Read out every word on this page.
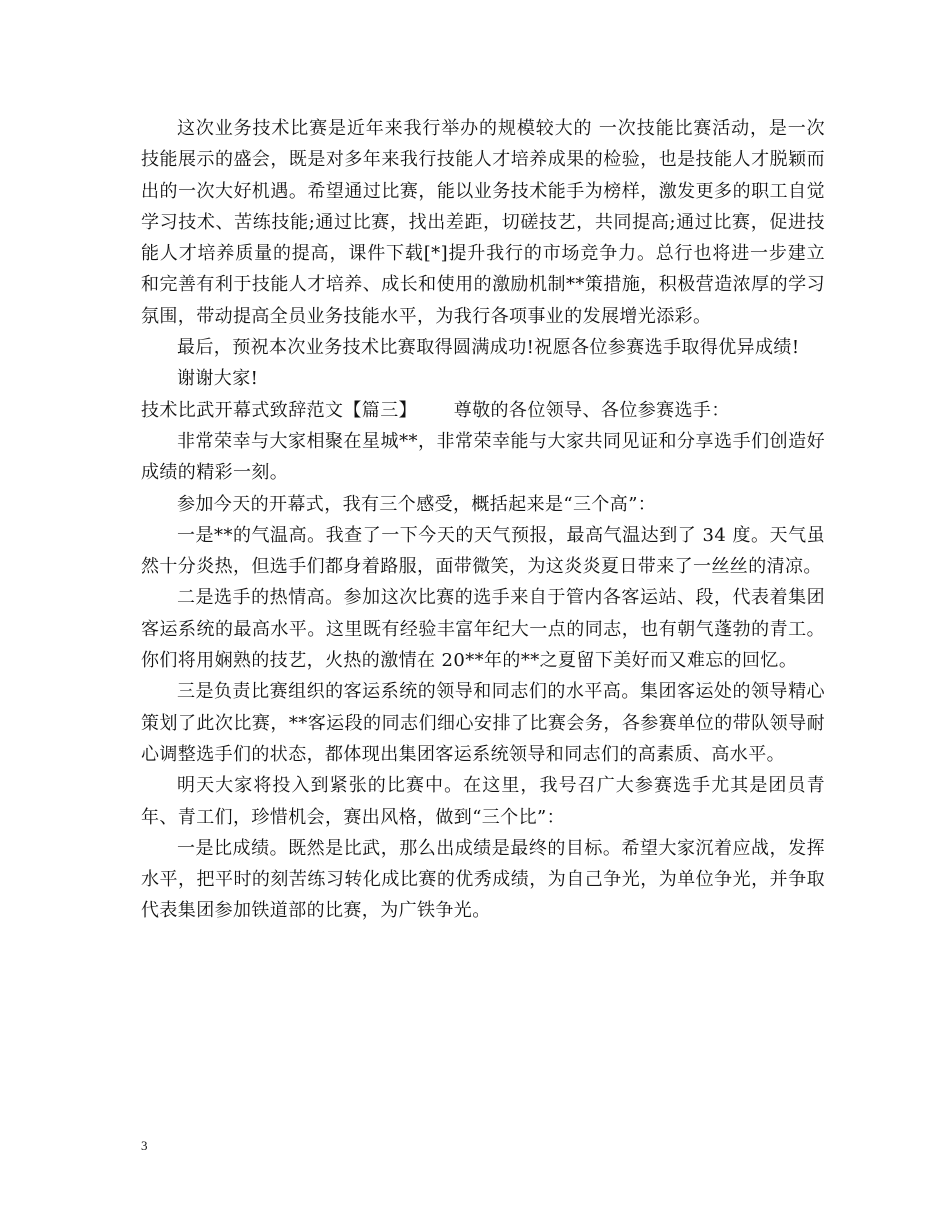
这次业务技术比赛是近年来我行举办的规模较大的 一次技能比赛活动，是一次技能展示的盛会，既是对多年来我行技能人才培养成果的检验，也是技能人才脱颖而出的一次大好机遇。希望通过比赛，能以业务技术能手为榜样，激发更多的职工自觉学习技术、苦练技能;通过比赛，找出差距，切磋技艺，共同提高;通过比赛，促进技能人才培养质量的提高，课件下载[*]提升我行的市场竞争力。总行也将进一步建立和完善有利于技能人才培养、成长和使用的激励机制**策措施，积极营造浓厚的学习氛围，带动提高全员业务技能水平，为我行各项事业的发展增光添彩。

最后，预祝本次业务技术比赛取得圆满成功!祝愿各位参赛选手取得优异成绩!

谢谢大家!

技术比武开幕式致辞范文【篇三】      尊敬的各位领导、各位参赛选手：

非常荣幸与大家相聚在星城**，非常荣幸能与大家共同见证和分享选手们创造好成绩的精彩一刻。

参加今天的开幕式，我有三个感受，概括起来是“三个高”：

一是**的气温高。我查了一下今天的天气预报，最高气温达到了 34 度。天气虽然十分炎热，但选手们都身着路服，面带微笑，为这炎炎夏日带来了一丝丝的清凉。

二是选手的热情高。参加这次比赛的选手来自于管内各客运站、段，代表着集团客运系统的最高水平。这里既有经验丰富年纪大一点的同志，也有朝气蓬勃的青工。你们将用娴熟的技艺，火热的激情在 20**年的**之夏留下美好而又难忘的回忆。

三是负责比赛组织的客运系统的领导和同志们的水平高。集团客运处的领导精心策划了此次比赛，**客运段的同志们细心安排了比赛会务，各参赛单位的带队领导耐心调整选手们的状态，都体现出集团客运系统领导和同志们的高素质、高水平。

明天大家将投入到紧张的比赛中。在这里，我号召广大参赛选手尤其是团员青年、青工们，珍惜机会，赛出风格，做到“三个比”：

一是比成绩。既然是比武，那么出成绩是最终的目标。希望大家沉着应战，发挥水平，把平时的刻苦练习转化成比赛的优秀成绩，为自己争光，为单位争光，并争取代表集团参加铁道部的比赛，为广铁争光。

3
